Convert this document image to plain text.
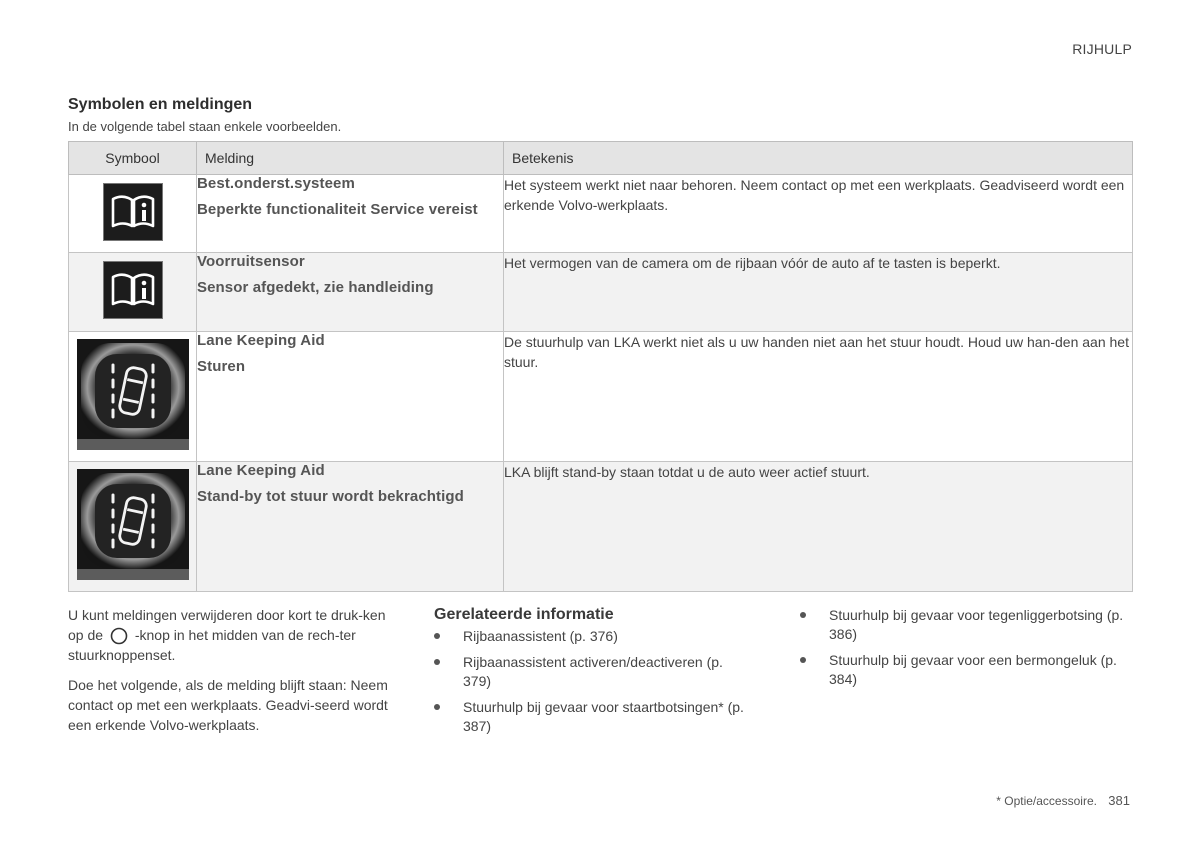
RIJHULP
Symbolen en meldingen
In de volgende tabel staan enkele voorbeelden.
Symbool	Melding	Betekenis

Best.onderst.systeem
Beperkte functionaliteit Service vereist	Het systeem werkt niet naar behoren. Neem contact op met een werkplaats. Geadviseerd wordt een erkende Volvo-werkplaats.

Voorruitsensor
Sensor afgedekt, zie handleiding	Het vermogen van de camera om de rijbaan vóór de auto af te tasten is beperkt.

Lane Keeping Aid
Sturen	De stuurhulp van LKA werkt niet als u uw handen niet aan het stuur houdt. Houd uw han-den aan het stuur.

Lane Keeping Aid
Stand-by tot stuur wordt bekrachtigd	LKA blijft stand-by staan totdat u de auto weer actief stuurt.

U kunt meldingen verwijderen door kort te druk-ken op de -knop in het midden van de rech-ter stuurknoppenset.

Doe het volgende, als de melding blijft staan: Neem contact op met een werkplaats. Geadvi-seerd wordt een erkende Volvo-werkplaats.

Gerelateerde informatie
Rijbaanassistent (p. 376)
Rijbaanassistent activeren/deactiveren (p. 379)
Stuurhulp bij gevaar voor staartbotsingen* (p. 387)
Stuurhulp bij gevaar voor tegenliggerbotsing (p. 386)
Stuurhulp bij gevaar voor een bermongeluk (p. 384)
* Optie/accessoire. 381
